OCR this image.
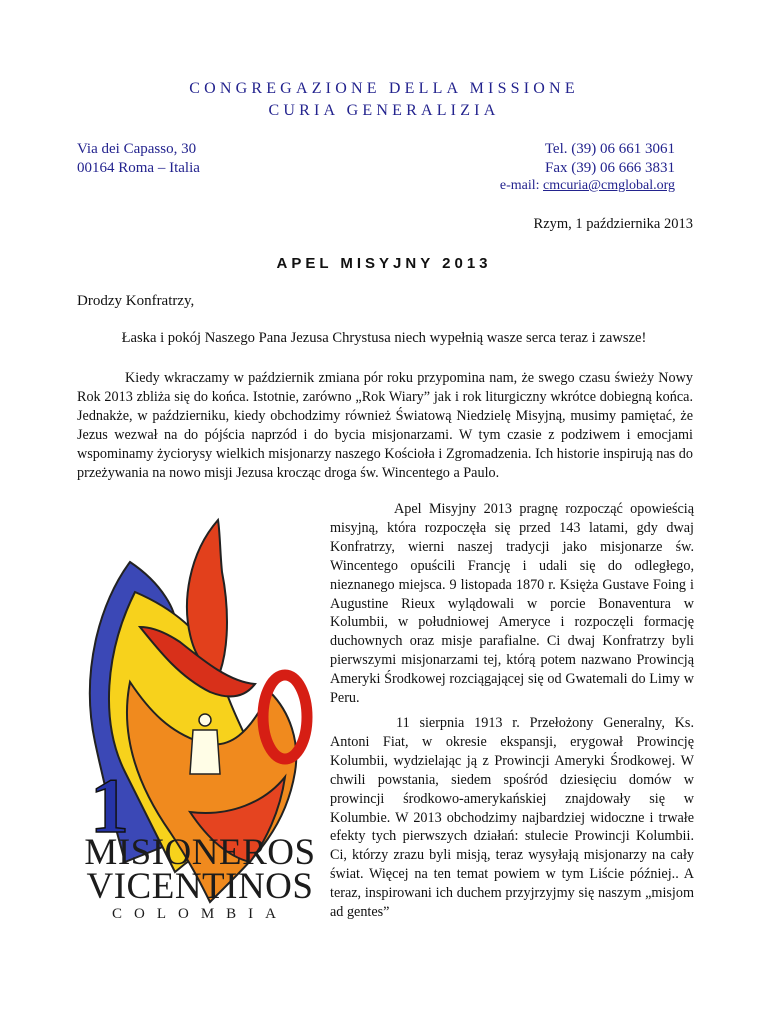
CONGREGAZIONE DELLA MISSIONE
CURIA GENERALIZIA
Via dei Capasso, 30
00164 Roma – Italia
Tel. (39) 06 661 3061
Fax (39) 06 666 3831
e-mail: cmcuria@cmglobal.org
Rzym, 1 października 2013
APEL MISYJNY 2013
Drodzy Konfratrzy,
Łaska i pokój Naszego Pana Jezusa Chrystusa niech wypełnią wasze serca teraz i zawsze!
Kiedy wkraczamy w październik zmiana pór roku przypomina nam, że swego czasu świeży Nowy Rok 2013 zbliża się do końca. Istotnie, zarówno „Rok Wiary” jak i rok liturgiczny wkrótce dobiegną końca. Jednakże, w październiku, kiedy obchodzimy również Światową Niedzielę Misyjną, musimy pamiętać, że Jezus wezwał na do pójścia naprzód i do bycia misjonarzami. W tym czasie z podziwem i emocjami wspominamy życiorysy wielkich misjonarzy naszego Kościoła i Zgromadzenia. Ich historie inspirują nas do przeżywania na nowo misji Jezusa krocząc droga św. Wincentego a Paulo.
Apel Misyjny 2013 pragnę rozpocząć opowieścią misyjną, która rozpoczęła się przed 143 latami, gdy dwaj Konfratrzy, wierni naszej tradycji jako misjonarze św. Wincentego opuścili Francję i udali się do odległego, nieznanego miejsca. 9 listopada 1870 r. Księża Gustave Foing i Augustine Rieux wylądowali w porcie Bonaventura w Kolumbii, w południowej Ameryce i rozpoczęli formację duchownych oraz misje parafialne. Ci dwaj Konfratrzy byli pierwszymi misjonarzami tej, którą potem nazwano Prowincją Ameryki Środkowej rozciągającej się od Gwatemali do Limy w Peru.
11 sierpnia 1913 r. Przełożony Generalny, Ks. Antoni Fiat, w okresie ekspansji, erygował Prowincję Kolumbii, wydzielając ją z Prowincji Ameryki Środkowej. W chwili powstania, siedem spośród dziesięciu domów w prowincji środkowo-amerykańskiej znajdowały się w Kolumbie. W 2013 obchodzimy najbardziej widoczne i trwałe efekty tych pierwszych działań: stulecie Prowincji Kolumbii. Ci, którzy zrazu byli misją, teraz wysyłają misjonarzy na cały świat. Więcej na ten temat powiem w tym Liście później.. A teraz, inspirowani ich duchem przyjrzyjmy się naszym „misjom ad gentes”
1
0
MISIONEROS
VICENTINOS
COLOMBIA
